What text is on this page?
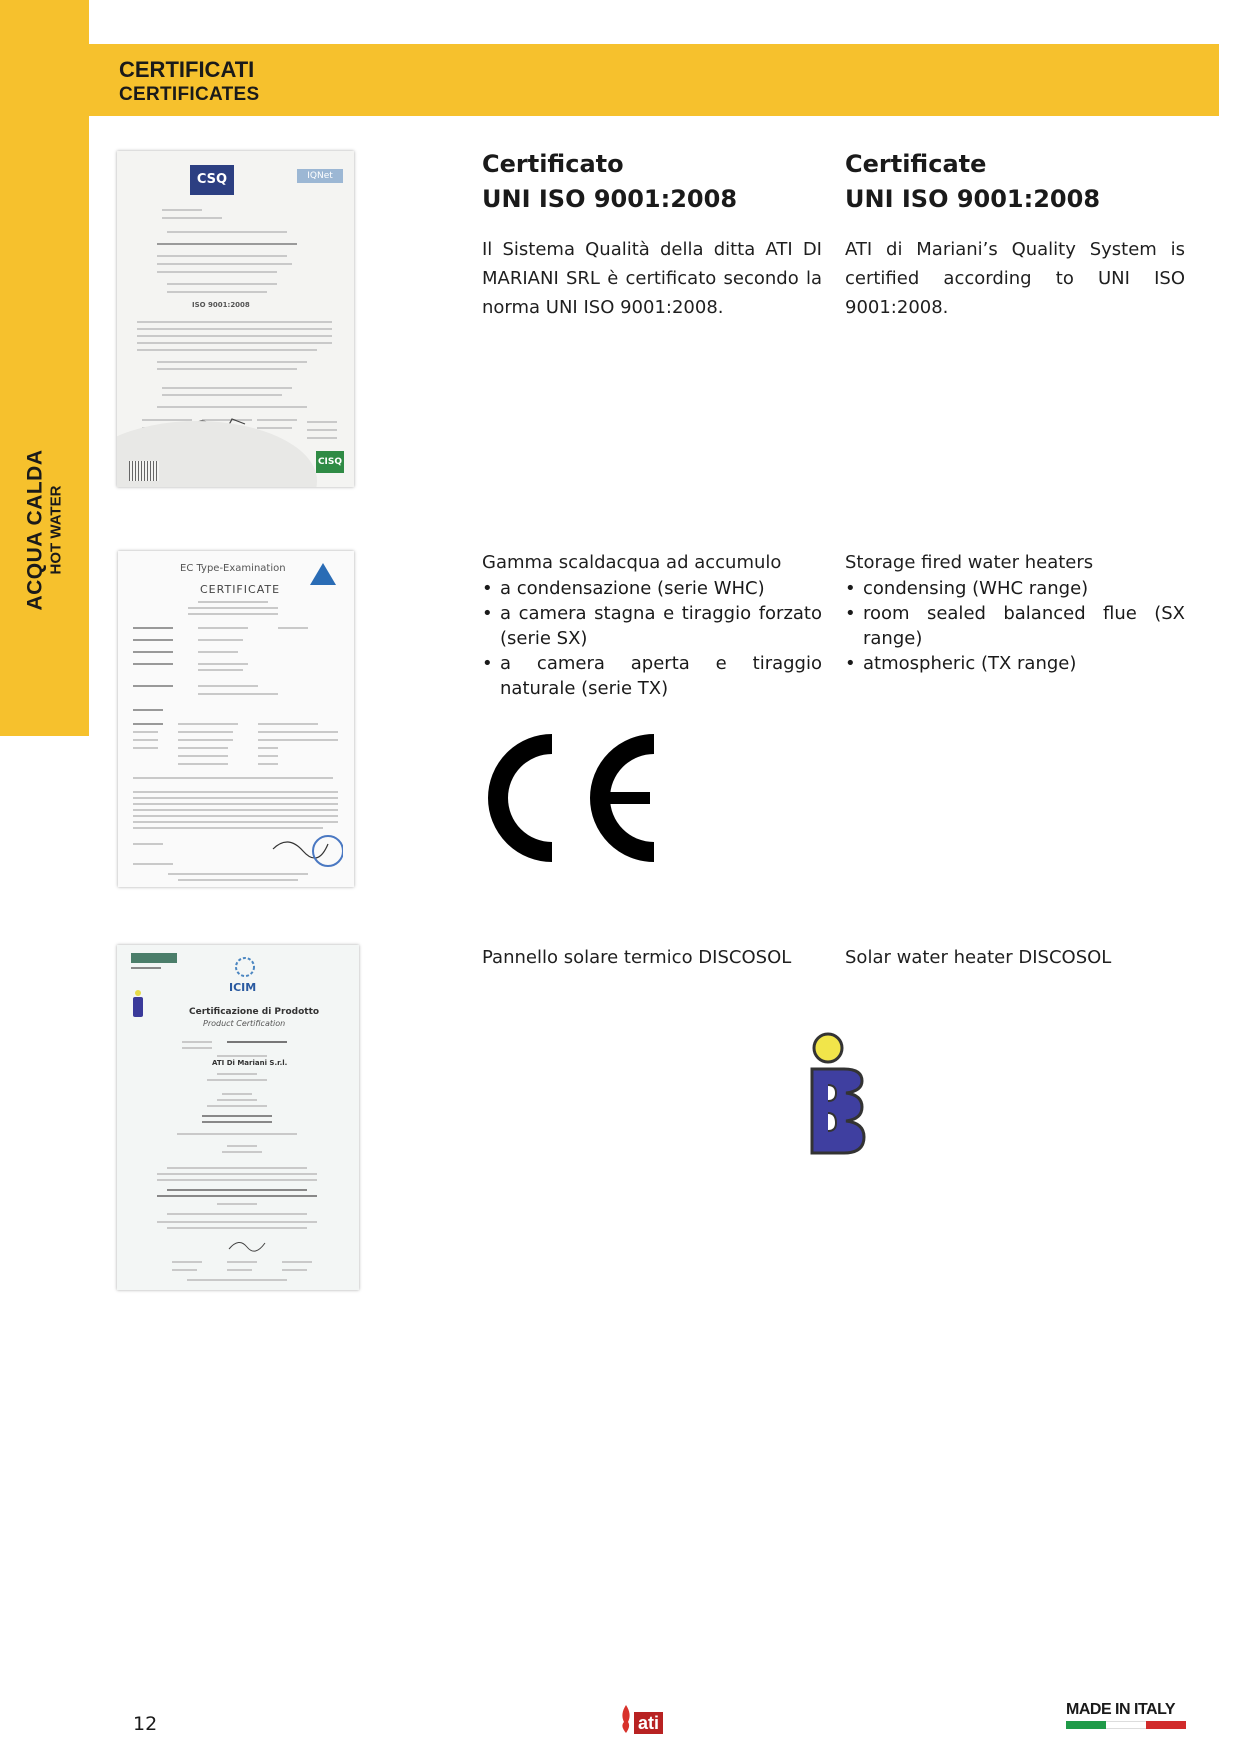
ACQUA CALDA HOT WATER
CERTIFICATI
CERTIFICATES
CSQ	IQNet
ISO 9001:2008
CISQ
Certificato
UNI ISO 9001:2008
Il Sistema Qualità della ditta ATI DI MARIANI SRL è certificato secondo la norma UNI ISO 9001:2008.
Certificate
UNI ISO 9001:2008
ATI di Mariani’s Quality System is certified according to UNI ISO 9001:2008.
EC Type-Examination
CERTIFICATE
Gamma scaldacqua ad accumulo
• a condensazione (serie WHC)
• a camera stagna e tiraggio forzato (serie SX)
• a camera aperta e tiraggio naturale (serie TX)
Storage fired water heaters
• condensing (WHC range)
• room sealed balanced flue (SX range)
• atmospheric (TX range)
ICIM
Certificazione di Prodotto
Product Certification
ATI Di Mariani S.r.l.
Pannello solare termico DISCOSOL	Solar water heater DISCOSOL
12	ati
MADE IN ITALY
